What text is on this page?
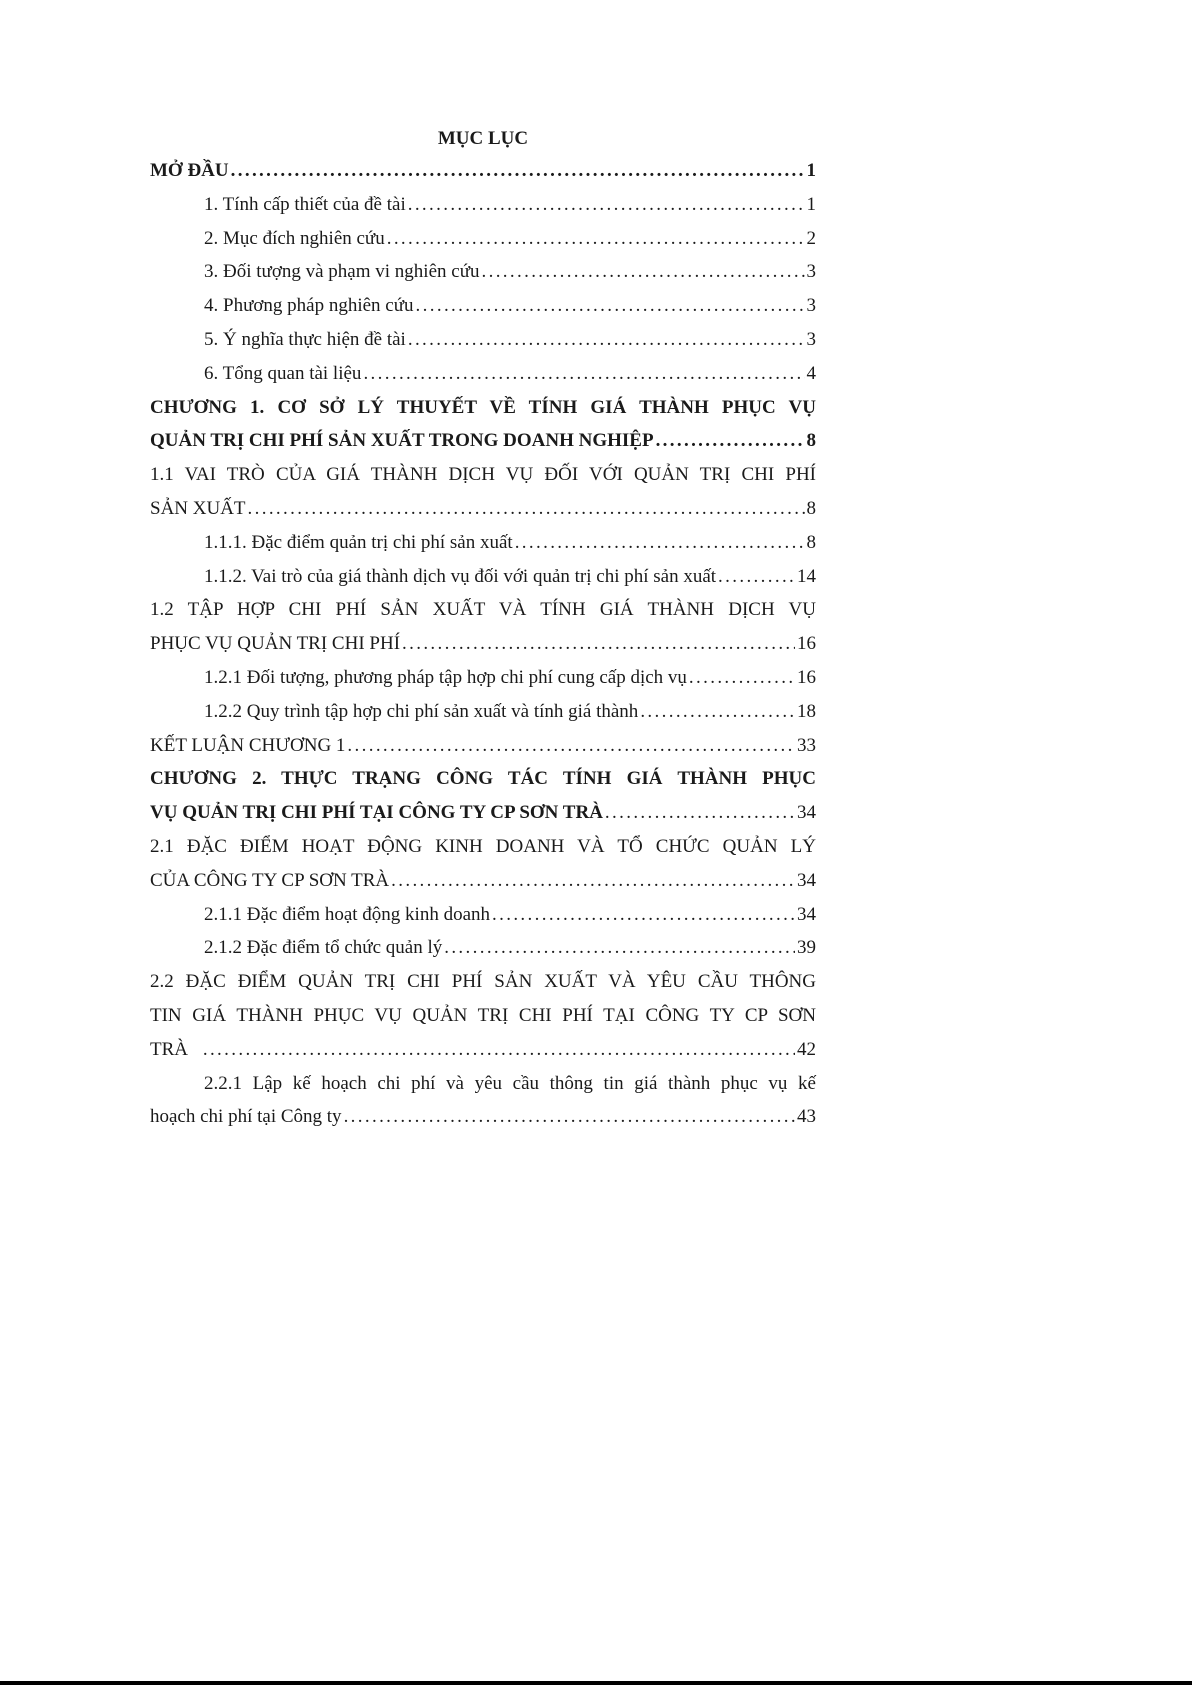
MỤC LỤC
MỞ ĐẦU . . .	1
1. Tính cấp thiết của đề tài . . .	1
2. Mục đích nghiên cứu . . .	2
3. Đối tượng và phạm vi nghiên cứu . . .	3
4. Phương pháp nghiên cứu . . .	3
5. Ý nghĩa thực hiện đề tài . . .	3
6. Tổng quan tài liệu . . .	4
CHƯƠNG 1. CƠ SỞ LÝ THUYẾT VỀ TÍNH GIÁ THÀNH PHỤC VỤ
QUẢN TRỊ CHI PHÍ SẢN XUẤT TRONG DOANH NGHIỆP . . .	8
1.1 VAI TRÒ CỦA GIÁ THÀNH DỊCH VỤ ĐỐI VỚI QUẢN TRỊ CHI PHÍ
SẢN XUẤT . . .	8
1.1.1. Đặc điểm quản trị chi phí sản xuất . . .	8
1.1.2. Vai trò của giá thành dịch vụ đối với quản trị chi phí sản xuất . . .	14
1.2 TẬP HỢP CHI PHÍ SẢN XUẤT VÀ TÍNH GIÁ THÀNH DỊCH VỤ
PHỤC VỤ QUẢN TRỊ CHI PHÍ . . .	16
1.2.1 Đối tượng, phương pháp tập hợp chi phí cung cấp dịch vụ . . .	16
1.2.2 Quy trình tập hợp chi phí sản xuất và tính giá thành . . .	18
KẾT LUẬN CHƯƠNG 1 . . .	33
CHƯƠNG 2. THỰC TRẠNG CÔNG TÁC TÍNH GIÁ THÀNH PHỤC
VỤ QUẢN TRỊ CHI PHÍ TẠI CÔNG TY CP SƠN TRÀ . . .	34
2.1 ĐẶC ĐIỂM HOẠT ĐỘNG KINH DOANH VÀ TỔ CHỨC QUẢN LÝ
CỦA CÔNG TY CP SƠN TRÀ . . .	34
2.1.1 Đặc điểm hoạt động kinh doanh . . .	34
2.1.2 Đặc điểm tổ chức quản lý . . .	39
2.2 ĐẶC ĐIỂM QUẢN TRỊ CHI PHÍ SẢN XUẤT VÀ YÊU CẦU THÔNG
TIN GIÁ THÀNH PHỤC VỤ QUẢN TRỊ CHI PHÍ TẠI CÔNG TY CP SƠN
TRÀ . . .	42
2.2.1 Lập kế hoạch chi phí và yêu cầu thông tin giá thành phục vụ kế
hoạch chi phí tại Công ty . . .	43
